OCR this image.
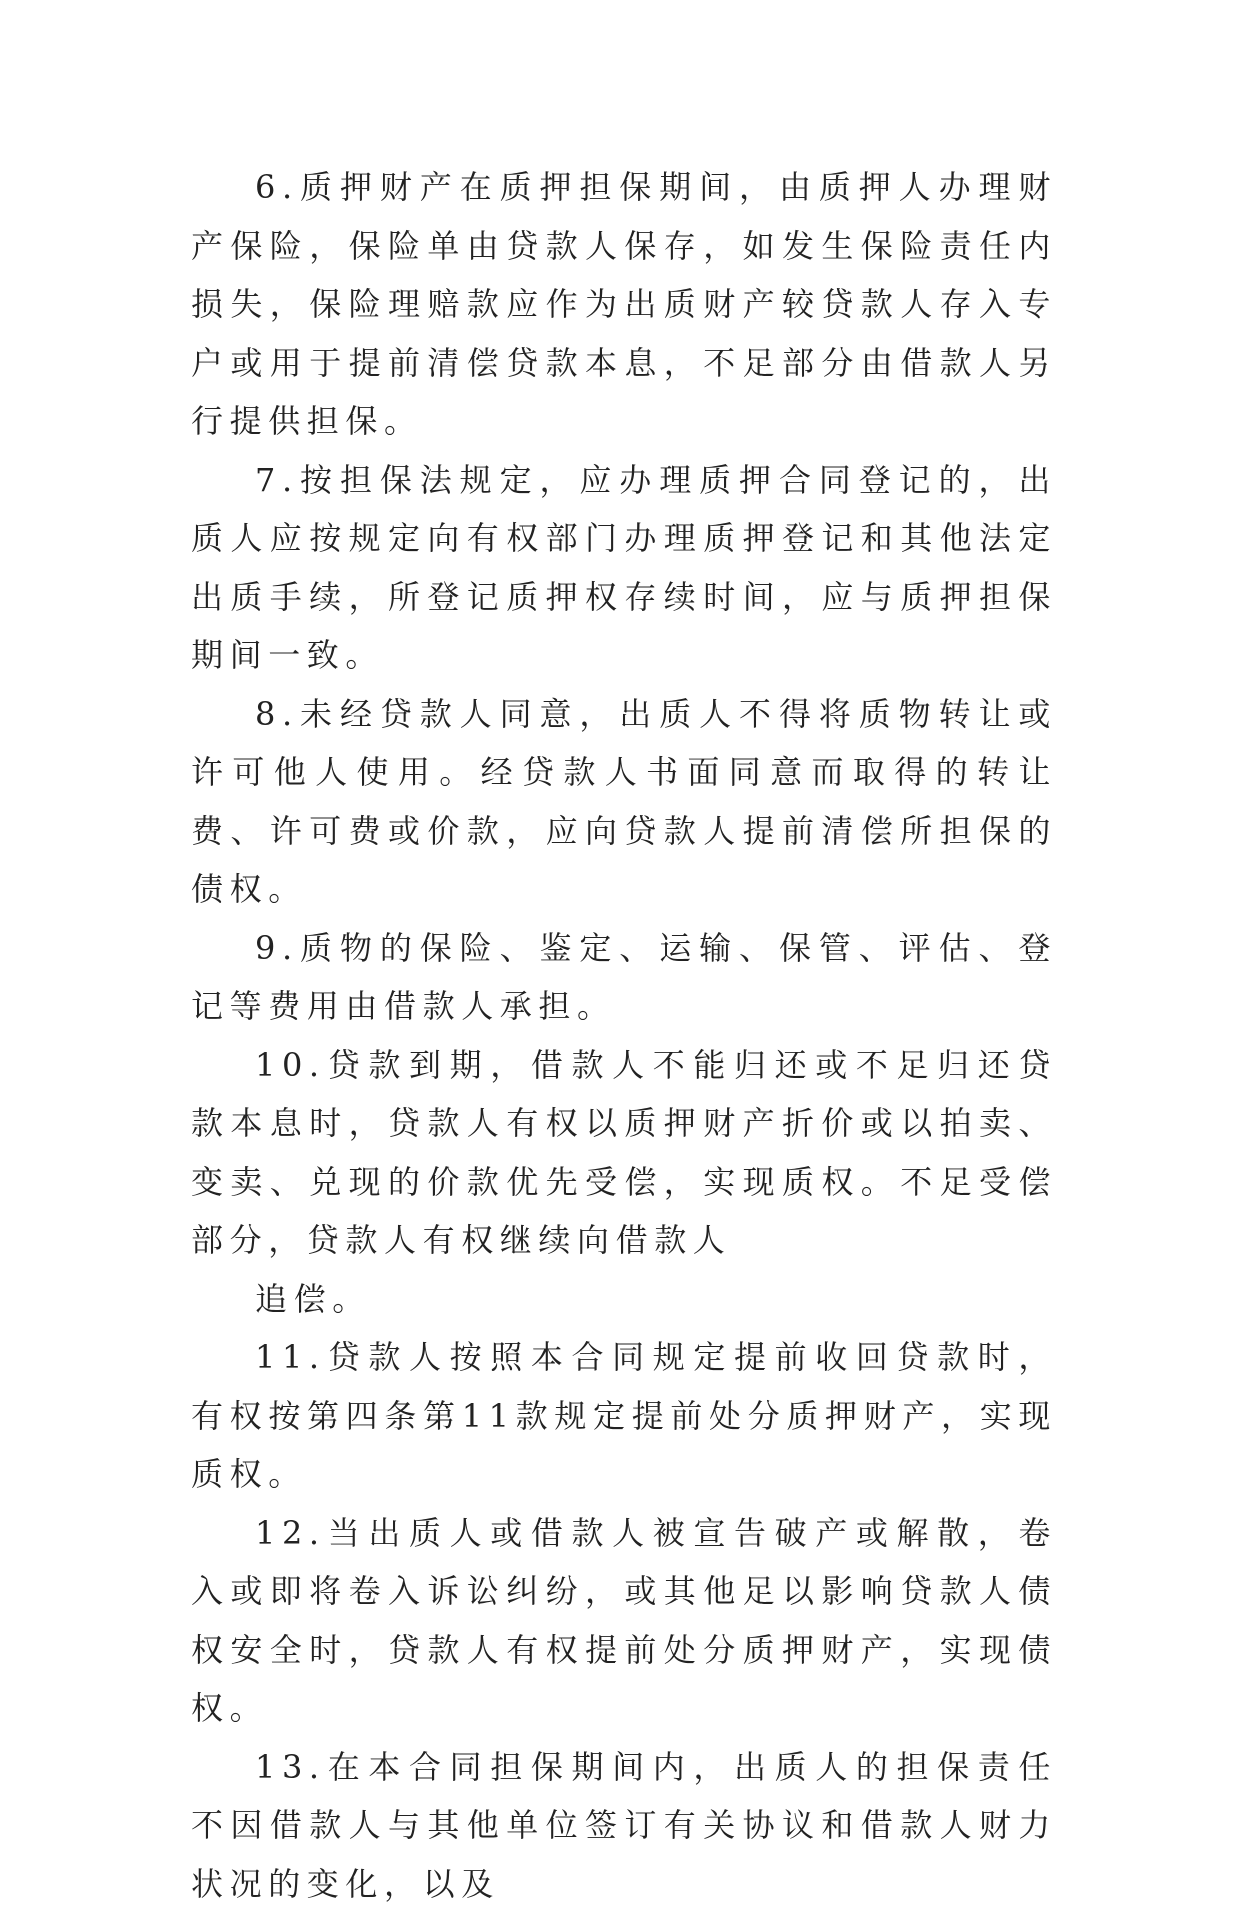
6.质押财产在质押担保期间，由质押人办理财产保险，保险单由贷款人保存，如发生保险责任内损失，保险理赔款应作为出质财产较贷款人存入专户或用于提前清偿贷款本息，不足部分由借款人另行提供担保。

7.按担保法规定，应办理质押合同登记的，出质人应按规定向有权部门办理质押登记和其他法定出质手续，所登记质押权存续时间，应与质押担保期间一致。

8.未经贷款人同意，出质人不得将质物转让或许可他人使用。经贷款人书面同意而取得的转让费、许可费或价款，应向贷款人提前清偿所担保的债权。

9.质物的保险、鉴定、运输、保管、评估、登记等费用由借款人承担。

10.贷款到期，借款人不能归还或不足归还贷款本息时，贷款人有权以质押财产折价或以拍卖、变卖、兑现的价款优先受偿，实现质权。不足受偿部分，贷款人有权继续向借款人

追偿。

11.贷款人按照本合同规定提前收回贷款时，有权按第四条第11款规定提前处分质押财产，实现质权。

12.当出质人或借款人被宣告破产或解散，卷入或即将卷入诉讼纠纷，或其他足以影响贷款人债权安全时，贷款人有权提前处分质押财产，实现债权。

13.在本合同担保期间内，出质人的担保责任不因借款人与其他单位签订有关协议和借款人财力状况的变化，以及
